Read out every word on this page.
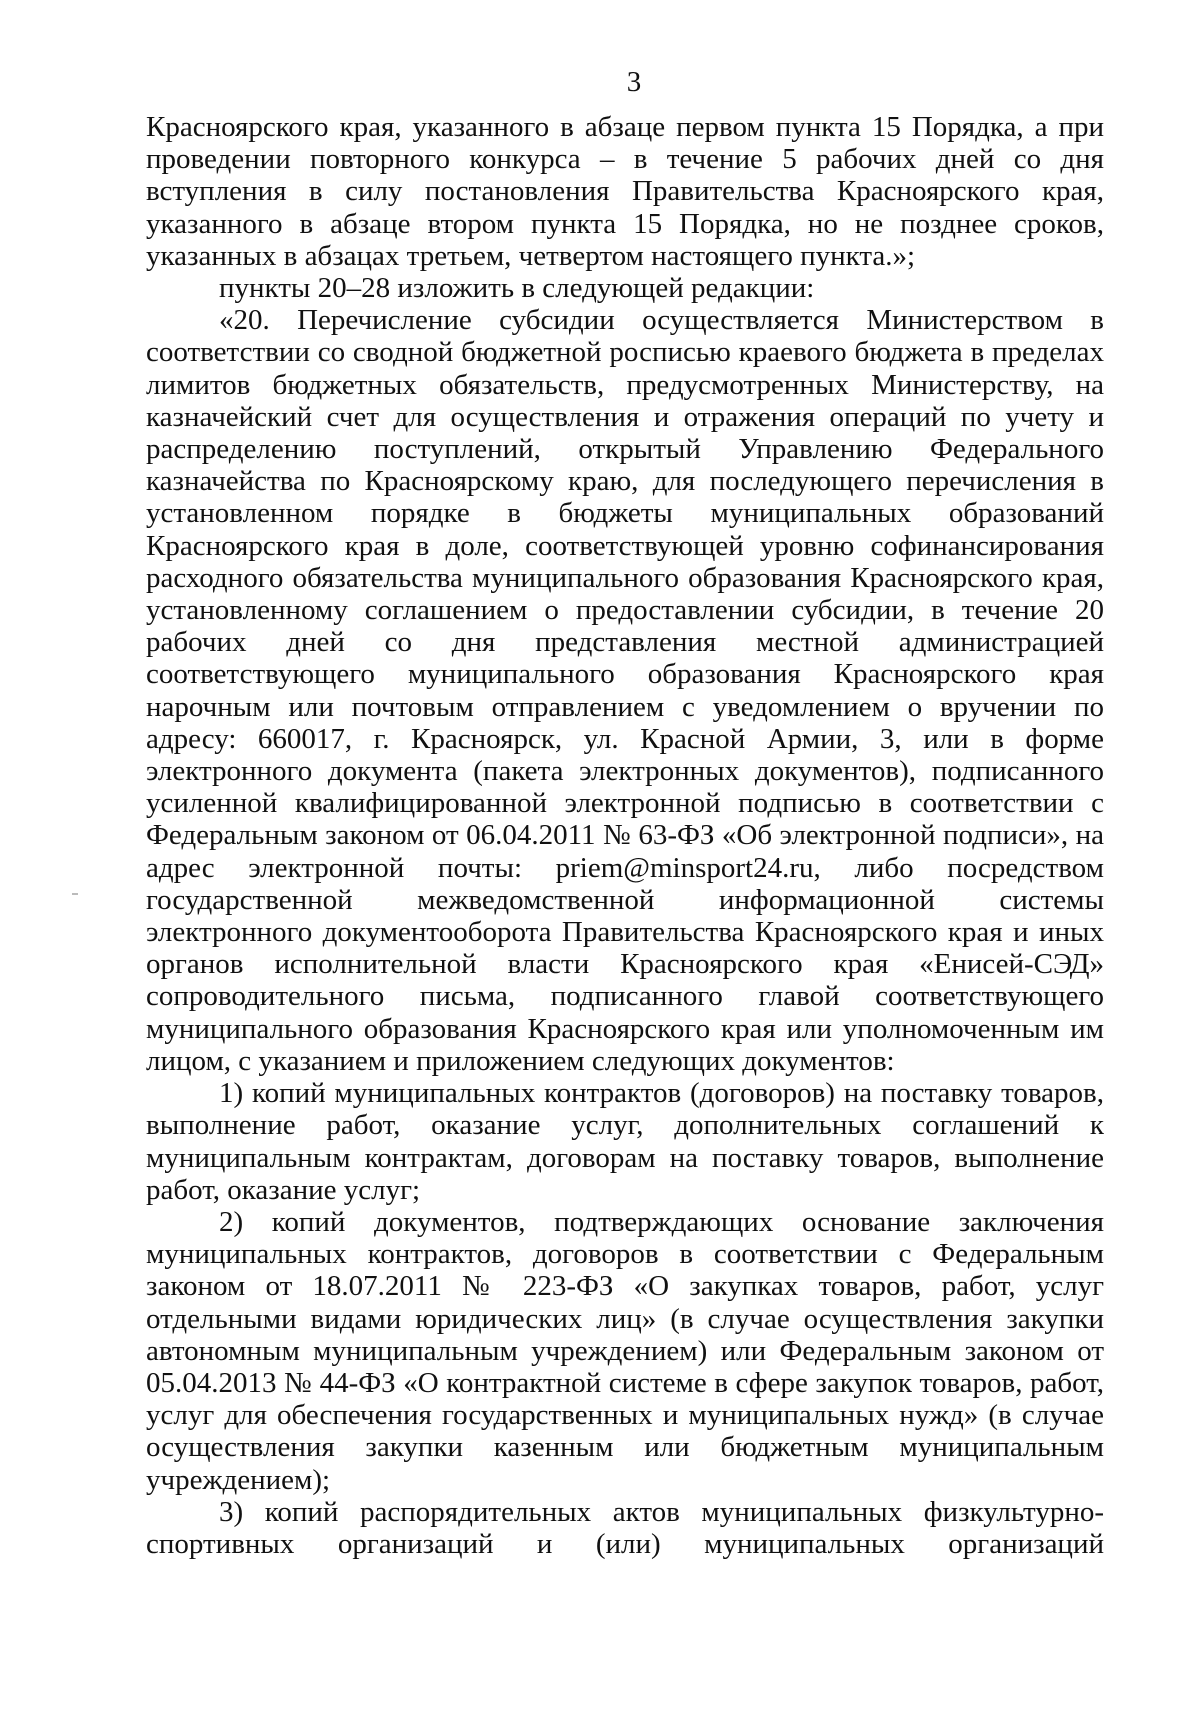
3

Красноярского края, указанного в абзаце первом пункта 15 Порядка, а при проведении повторного конкурса – в течение 5 рабочих дней со дня вступления в силу постановления Правительства Красноярского края, указанного в абзаце втором пункта 15 Порядка, но не позднее сроков, указанных в абзацах третьем, четвертом настоящего пункта.»;

пункты 20–28 изложить в следующей редакции:

«20. Перечисление субсидии осуществляется Министерством в соответствии со сводной бюджетной росписью краевого бюджета в пределах лимитов бюджетных обязательств, предусмотренных Министерству, на казначейский счет для осуществления и отражения операций по учету и распределению поступлений, открытый Управлению Федерального казначейства по Красноярскому краю, для последующего перечисления в установленном порядке в бюджеты муниципальных образований Красноярского края в доле, соответствующей уровню софинансирования расходного обязательства муниципального образования Красноярского края, установленному соглашением о предоставлении субсидии, в течение 20 рабочих дней со дня представления местной администрацией соответствующего муниципального образования Красноярского края нарочным или почтовым отправлением с уведомлением о вручении по адресу: 660017, г. Красноярск, ул. Красной Армии, 3, или в форме электронного документа (пакета электронных документов), подписанного усиленной квалифицированной электронной подписью в соответствии с Федеральным законом от 06.04.2011 № 63-ФЗ «Об электронной подписи», на адрес электронной почты: priem@minsport24.ru, либо посредством государственной межведомственной информационной системы электронного документооборота Правительства Красноярского края и иных органов исполнительной власти Красноярского края «Енисей-СЭД» сопроводительного письма, подписанного главой соответствующего муниципального образования Красноярского края или уполномоченным им лицом, с указанием и приложением следующих документов:

1) копий муниципальных контрактов (договоров) на поставку товаров, выполнение работ, оказание услуг, дополнительных соглашений к муниципальным контрактам, договорам на поставку товаров, выполнение работ, оказание услуг;

2) копий документов, подтверждающих основание заключения муниципальных контрактов, договоров в соответствии с Федеральным законом от 18.07.2011 № 223-ФЗ «О закупках товаров, работ, услуг отдельными видами юридических лиц» (в случае осуществления закупки автономным муниципальным учреждением) или Федеральным законом от 05.04.2013 № 44-ФЗ «О контрактной системе в сфере закупок товаров, работ, услуг для обеспечения государственных и муниципальных нужд» (в случае осуществления закупки казенным или бюджетным муниципальным учреждением);

3) копий распорядительных актов муниципальных физкультурно-спортивных организаций и (или) муниципальных организаций
